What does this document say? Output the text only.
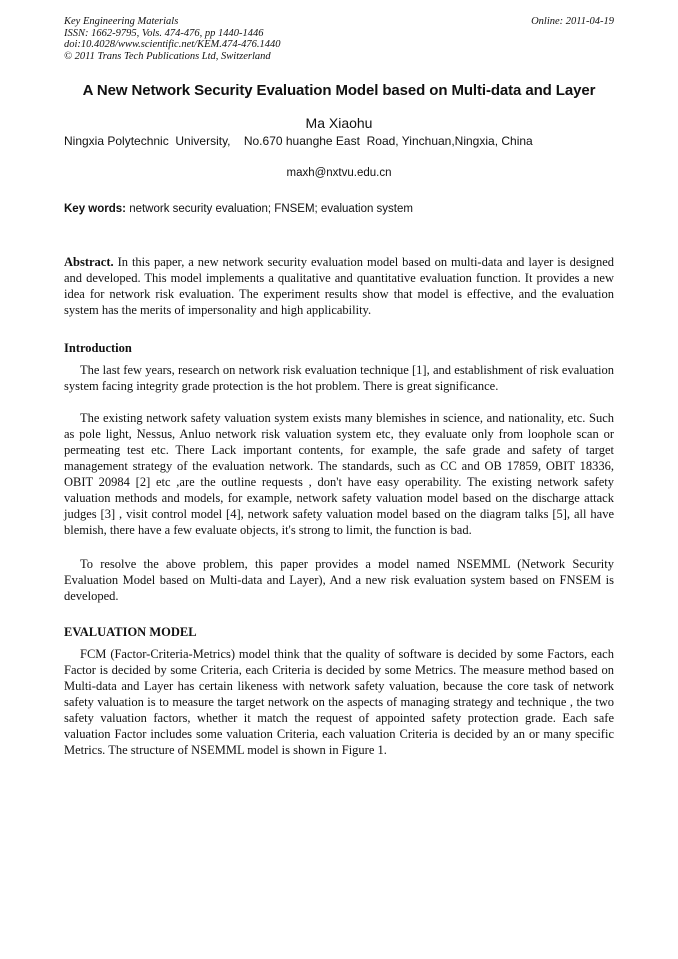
Key Engineering Materials
ISSN: 1662-9795, Vols. 474-476, pp 1440-1446
doi:10.4028/www.scientific.net/KEM.474-476.1440
© 2011 Trans Tech Publications Ltd, Switzerland
Online: 2011-04-19
A New Network Security Evaluation Model based on Multi-data and Layer
Ma Xiaohu
Ningxia Polytechnic  University,    No.670 huanghe East  Road, Yinchuan,Ningxia, China
maxh@nxtvu.edu.cn
Key words: network security evaluation; FNSEM; evaluation system
Abstract. In this paper, a new network security evaluation model based on multi-data and layer is designed and developed. This model implements a qualitative and quantitative evaluation function. It provides a new idea for network risk evaluation. The experiment results show that model is effective, and the evaluation system has the merits of impersonality and high applicability.
Introduction
The last few years, research on network risk evaluation technique [1], and establishment of risk evaluation system facing integrity grade protection is the hot problem. There is great significance.
The existing network safety valuation system exists many blemishes in science, and nationality, etc. Such as pole light, Nessus, Anluo network risk valuation system etc, they evaluate only from loophole scan or permeating test etc. There Lack important contents, for example, the safe grade and safety of target management strategy of the evaluation network. The standards, such as CC and OB 17859, OBIT 18336, OBIT 20984 [2] etc ,are the outline requests , don't have easy operability. The existing network safety valuation methods and models, for example, network safety valuation model based on the discharge attack judges [3] , visit control model [4], network safety valuation model based on the diagram talks [5], all have blemish, there have a few evaluate objects, it's strong to limit, the function is bad.
To resolve the above problem, this paper provides a model named NSEMML (Network Security Evaluation Model based on Multi-data and Layer), And a new risk evaluation system based on FNSEM is developed.
EVALUATION MODEL
FCM (Factor-Criteria-Metrics) model think that the quality of software is decided by some Factors, each Factor is decided by some Criteria, each Criteria is decided by some Metrics. The measure method based on Multi-data and Layer has certain likeness with network safety valuation, because the core task of network safety valuation is to measure the target network on the aspects of managing strategy and technique , the two safety valuation factors, whether it match the request of appointed safety protection grade. Each safe valuation Factor includes some valuation Criteria, each valuation Criteria is decided by an or many specific Metrics. The structure of NSEMML model is shown in Figure 1.
